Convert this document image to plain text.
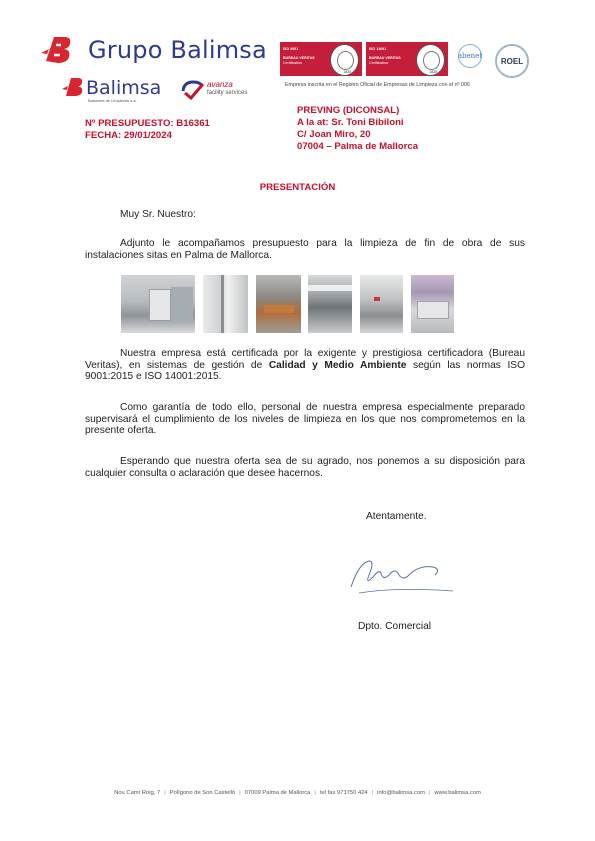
Grupo Balimsa
Balimsa
Balsones de Limpiezas s.a.
avanza
facility services
ISO 9001
BUREAU VERITAS
Certification
1828
ISO 14001
BUREAU VERITAS
Certification
1828
abenet
ROEL
Empresa inscrita en el Registro Oficial de Empresas de Limpieza con el nº 006
Nº PRESUPUESTO: B16361
FECHA: 29/01/2024
PREVING (DICONSAL)
A la at: Sr. Toni Bibiloni
C/ Joan Miro, 20
07004 – Palma de Mallorca
PRESENTACIÓN
Muy Sr. Nuestro:
Adjunto le acompañamos presupuesto para la limpieza de fin de obra de sus instalaciones sitas en Palma de Mallorca.
Nuestra empresa está certificada por la exigente y prestigiosa certificadora (Bureau Veritas), en sistemas de gestión de Calidad y Medio Ambiente según las normas ISO 9001:2015 e ISO 14001:2015.
Como garantía de todo ello, personal de nuestra empresa especialmente preparado supervisará el cumplimiento de los niveles de limpieza en los que nos comprometemos en la presente oferta.
Esperando que nuestra oferta sea de su agrado, nos ponemos a su disposición para cualquier consulta o aclaración que desee hacernos.
Atentamente.
Dpto. Comercial
Nou Camí Roig, 7 | Polígono de Son Castelló | 07009 Palma de Mallorca | tel fax 971750 424 | info@balimsa.com | www.balimsa.com
